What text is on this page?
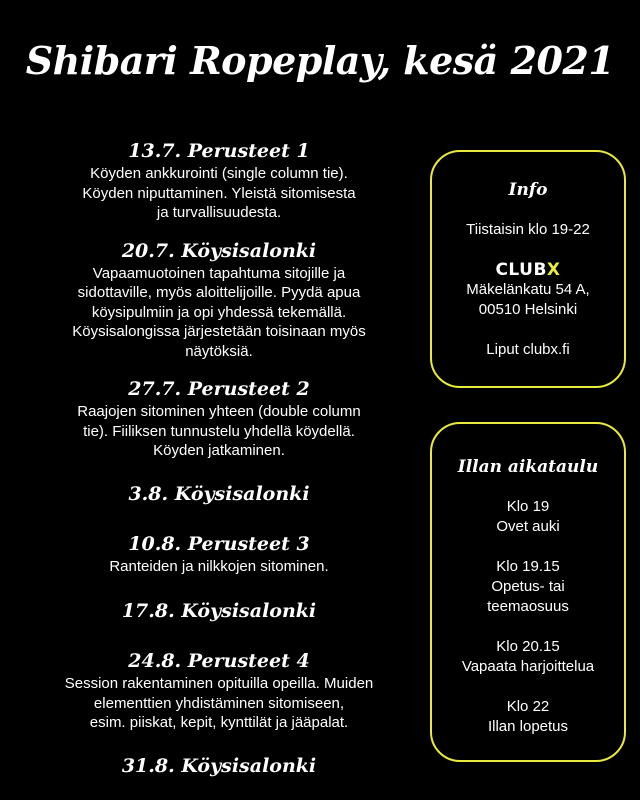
Shibari Ropeplay, kesä 2021
13.7. Perusteet 1
Köyden ankkurointi (single column tie).
Köyden niputtaminen. Yleistä sitomisesta
ja turvallisuudesta.
20.7. Köysisalonki
Vapaamuotoinen tapahtuma sitojille ja
sidottaville, myös aloittelijoille. Pyydä apua
köysipulmiin ja opi yhdessä tekemällä.
Köysisalongissa järjestetään toisinaan myös
näytöksiä.
27.7. Perusteet 2
Raajojen sitominen yhteen (double column
tie). Fiiliksen tunnustelu yhdellä köydellä.
Köyden jatkaminen.
3.8. Köysisalonki
10.8. Perusteet 3
Ranteiden ja nilkkojen sitominen.
17.8. Köysisalonki
24.8. Perusteet 4
Session rakentaminen opituilla opeilla. Muiden
elementtien yhdistäminen sitomiseen,
esim. piiskat, kepit, kynttilät ja jääpalat.
31.8. Köysisalonki
Info
Tiistaisin klo 19-22
CLUBX
Mäkelänkatu 54 A,
00510 Helsinki
Liput clubx.fi
Illan aikataulu
Klo 19
Ovet auki
Klo 19.15
Opetus- tai
teemaosuus
Klo 20.15
Vapaata harjoittelua
Klo 22
Illan lopetus
